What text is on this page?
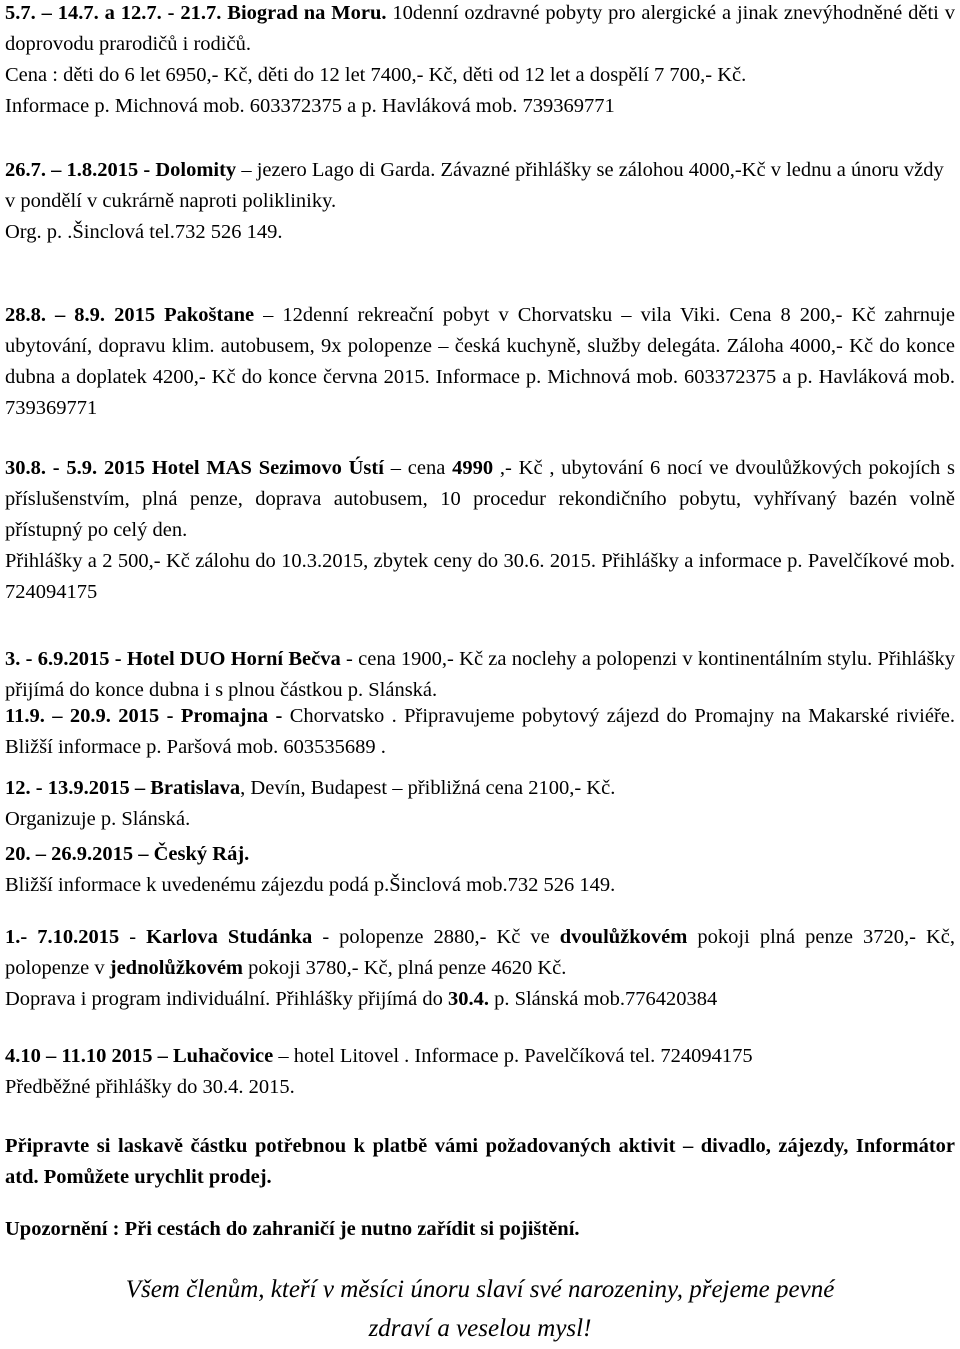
5.7. – 14.7. a 12.7. - 21.7. Biograd na Moru. 10denní ozdravné pobyty pro alergické a jinak znevýhodněné děti v doprovodu prarodičů i rodičů.

Cena : děti do 6 let 6950,- Kč, děti do 12 let 7400,- Kč, děti od 12 let a dospělí 7 700,- Kč.

Informace p. Michnová mob. 603372375 a p. Havláková mob. 739369771

26.7. – 1.8.2015 - Dolomity – jezero Lago di Garda. Závazné přihlášky se zálohou 4000,-Kč v lednu a únoru vždy v pondělí v cukrárně naproti polikliniky.

Org. p. .Šinclová tel.732 526 149.

28.8. – 8.9. 2015 Pakoštane – 12denní rekreační pobyt v Chorvatsku – vila Viki. Cena 8 200,- Kč zahrnuje ubytování, dopravu klim. autobusem, 9x polopenze – česká kuchyně, služby delegáta. Záloha 4000,- Kč do konce dubna a doplatek 4200,- Kč do konce června 2015. Informace p. Michnová mob. 603372375 a p. Havláková mob. 739369771

30.8. - 5.9. 2015 Hotel MAS Sezimovo Ústí – cena 4990 ,- Kč , ubytování 6 nocí ve dvoulůžkových pokojích s příslušenstvím, plná penze, doprava autobusem, 10 procedur rekondičního pobytu, vyhřívaný bazén volně přístupný po celý den.

Přihlášky a 2 500,- Kč zálohu do 10.3.2015, zbytek ceny do 30.6. 2015. Přihlášky a informace p. Pavelčíkové mob. 724094175

3. - 6.9.2015 - Hotel DUO Horní Bečva - cena 1900,- Kč za noclehy a polopenzi v kontinentálním stylu. Přihlášky přijímá do konce dubna i s plnou částkou p. Slánská.

11.9. – 20.9. 2015 - Promajna - Chorvatsko . Připravujeme pobytový zájezd do Promajny na Makarské riviéře. Bližší informace p. Paršová mob. 603535689 .

12. - 13.9.2015 – Bratislava, Devín, Budapest – přibližná cena 2100,- Kč.

Organizuje p. Slánská.

20. – 26.9.2015 – Český Ráj.

Bližší informace k uvedenému zájezdu podá p.Šinclová mob.732 526 149.

1.- 7.10.2015 - Karlova Studánka - polopenze 2880,- Kč ve dvoulůžkovém pokoji plná penze 3720,- Kč, polopenze v jednolůžkovém pokoji 3780,- Kč, plná penze 4620 Kč.

Doprava i program individuální. Přihlášky přijímá do 30.4. p. Slánská mob.776420384

4.10 – 11.10 2015 – Luhačovice – hotel Litovel . Informace p. Pavelčíková tel. 724094175

Předběžné přihlášky do 30.4. 2015.

Připravte si laskavě částku potřebnou k platbě vámi požadovaných aktivit – divadlo, zájezdy, Informátor atd. Pomůžete urychlit prodej.

Upozornění : Při cestách do zahraničí je nutno zařídit si pojištění.

Všem členům, kteří v měsíci únoru slaví své narozeniny, přejeme pevné
zdraví a veselou mysl!
